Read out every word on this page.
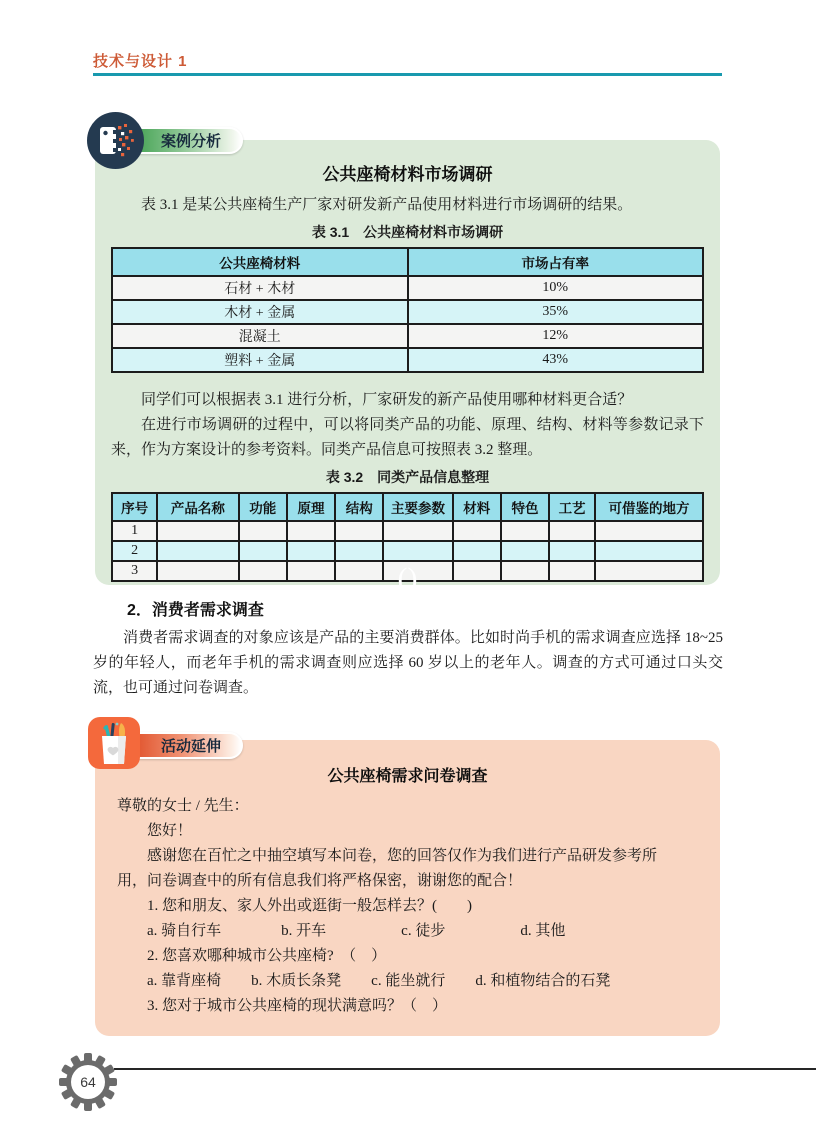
技术与设计 1
案例分析
公共座椅材料市场调研

表 3.1 是某公共座椅生产厂家对研发新产品使用材料进行市场调研的结果。

表 3.1　公共座椅材料市场调研
公共座椅材料	市场占有率
石材 + 木材	10%
木材 + 金属	35%
混凝土	12%
塑料 + 金属	43%

同学们可以根据表 3.1 进行分析，厂家研发的新产品使用哪种材料更合适？

在进行市场调研的过程中，可以将同类产品的功能、原理、结构、材料等参数记录下来，作为方案设计的参考资料。同类产品信息可按照表 3.2 整理。

表 3.2　同类产品信息整理
序号	产品名称	功能	原理	结构	主要参数	材料	特色	工艺	可借鉴的地方
1									
2									
3										()
2．消费者需求调查

消费者需求调查的对象应该是产品的主要消费群体。比如时尚手机的需求调查应选择 18~25 岁的年轻人，而老年手机的需求调查则应选择 60 岁以上的老年人。调查的方式可通过口头交流，也可通过问卷调查。

活动延伸
公共座椅需求问卷调查
尊敬的女士 / 先生：
　　您好！
　　感谢您在百忙之中抽空填写本问卷，您的回答仅作为我们进行产品研发参考所
用，问卷调查中的所有信息我们将严格保密，谢谢您的配合！
　　1. 您和朋友、家人外出或逛街一般怎样去？(　　)
　　a. 骑自行车　　　　b. 开车　　　　　c. 徒步　　　　　d. 其他
　　2. 您喜欢哪种城市公共座椅?　（　）
　　a. 靠背座椅　　b. 木质长条凳　　c. 能坐就行　　d. 和植物结合的石凳
　　3. 您对于城市公共座椅的现状满意吗？（　）
64
